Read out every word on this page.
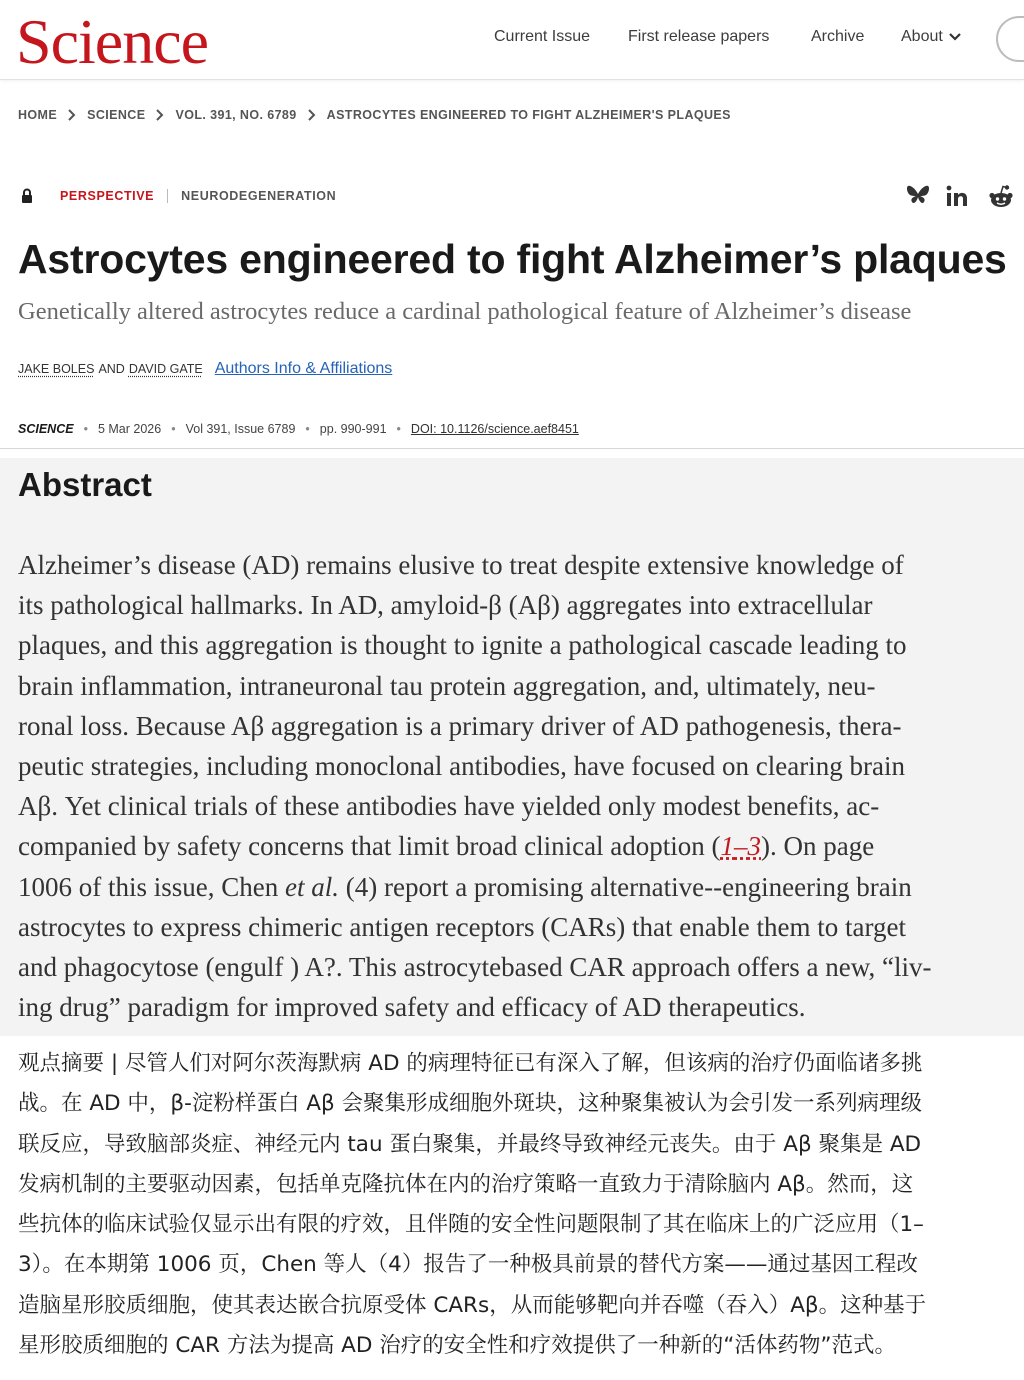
Science	Current Issue First release papers	Archive About
HOME SCIENCE VOL. 391, NO. 6789 ASTROCYTES ENGINEERED TO FIGHT ALZHEIMER'S PLAQUES
PERSPECTIVE NEURODEGENERATION
Astrocytes engineered to fight Alzheimer’s plaques
Genetically altered astrocytes reduce a cardinal pathological feature of Alzheimer’s disease
JAKE BOLES AND DAVID GATE Authors Info & Affiliations
SCIENCE • 5 Mar 2026 • Vol 391, Issue 6789 • pp. 990-991 • DOI: 10.1126/science.aef8451
Abstract
Alzheimer’s disease (AD) remains elusive to treat despite extensive knowledge of
its pathological hallmarks. In AD, amyloid-β (Aβ) aggregates into extracellular
plaques, and this aggregation is thought to ignite a pathological cascade leading to
brain inflammation, intraneuronal tau protein aggregation, and, ultimately, neu-
ronal loss. Because Aβ aggregation is a primary driver of AD pathogenesis, thera-
peutic strategies, including monoclonal antibodies, have focused on clearing brain
Aβ. Yet clinical trials of these antibodies have yielded only modest benefits, ac-
companied by safety concerns that limit broad clinical adoption (1–3). On page
1006 of this issue, Chen et al. (4) report a promising alternative--engineering brain
astrocytes to express chimeric antigen receptors (CARs) that enable them to target
and phagocytose (engulf ) A?. This astrocytebased CAR approach offers a new, “liv-
ing drug” paradigm for improved safety and efficacy of AD therapeutics.
观点摘要 | 尽管人们对阿尔茨海默病 AD 的病理特征已有深入了解，但该病的治疗仍面临诸多挑
战。在 AD 中，β-淀粉样蛋白 Aβ 会聚集形成细胞外斑块，这种聚集被认为会引发一系列病理级
联反应，导致脑部炎症、神经元内 tau 蛋白聚集，并最终导致神经元丧失。由于 Aβ 聚集是 AD
发病机制的主要驱动因素，包括单克隆抗体在内的治疗策略一直致力于清除脑内 Aβ。然而，这
些抗体的临床试验仅显示出有限的疗效，且伴随的安全性问题限制了其在临床上的广泛应用（1–
3）。在本期第 1006 页，Chen 等人（4）报告了一种极具前景的替代方案——通过基因工程改
造脑星形胶质细胞，使其表达嵌合抗原受体 CARs，从而能够靶向并吞噬（吞入）Aβ。这种基于
星形胶质细胞的 CAR 方法为提高 AD 治疗的安全性和疗效提供了一种新的“活体药物”范式。
